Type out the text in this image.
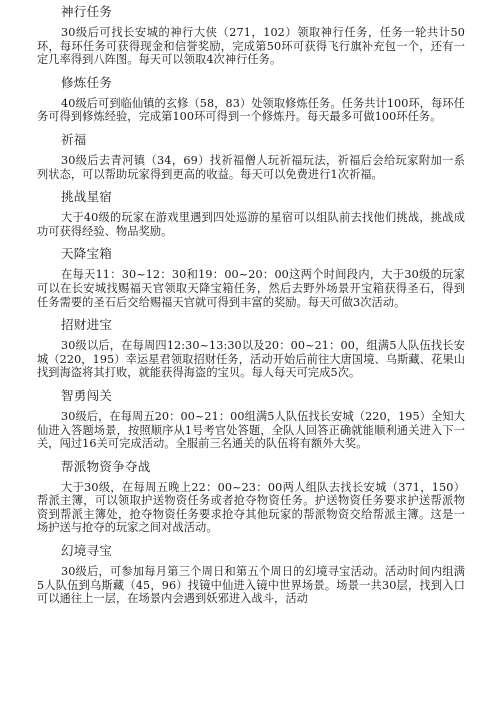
神行任务

30级后可找长安城的神行大侠（271，102）领取神行任务，任务一轮共计50环，每环任务可获得现金和信誉奖励，完成第50环可获得飞行旗补充包一个，还有一定几率得到八阵图。每天可以领取4次神行任务。

修炼任务

40级后可到临仙镇的玄修（58，83）处领取修炼任务。任务共计100环，每环任务可得到修炼经验，完成第100环可得到一个修炼丹。每天最多可做100环任务。

祈福

30级后去青河镇（34，69）找祈福僧人玩祈福玩法，祈福后会给玩家附加一系列状态，可以帮助玩家得到更高的收益。每天可以免费进行1次祈福。

挑战星宿

大于40级的玩家在游戏里遇到四处巡游的星宿可以组队前去找他们挑战，挑战成功可获得经验、物品奖励。

天降宝箱

在每天11：30~12：30和19：00~20：00这两个时间段内，大于30级的玩家可以在长安城找赐福天官领取天降宝箱任务，然后去野外场景开宝箱获得圣石，得到任务需要的圣石后交给赐福天官就可得到丰富的奖励。每天可做3次活动。

招财进宝

30级以后，在每周四12:30~13:30以及20：00~21：00，组满5人队伍找长安城（220，195）幸运星君领取招财任务，活动开始后前往大唐国境、乌斯藏、花果山找到海盗将其打败，就能获得海盗的宝贝。每人每天可完成5次。

智勇闯关

30级后，在每周五20：00~21：00组满5人队伍找长安城（220，195）全知大仙进入答题场景，按照顺序从1号考官处答题，全队人回答正确就能顺利通关进入下一关，闯过16关可完成活动。全服前三名通关的队伍将有额外大奖。

帮派物资争夺战

大于30级，在每周五晚上22：00~23：00两人组队去找长安城（371，150）帮派主簿，可以领取护送物资任务或者抢夺物资任务。护送物资任务要求护送帮派物资到帮派主簿处，抢夺物资任务要求抢夺其他玩家的帮派物资交给帮派主簿。这是一场护送与抢夺的玩家之间对战活动。

幻境寻宝

30级后，可参加每月第三个周日和第五个周日的幻境寻宝活动。活动时间内组满5人队伍到乌斯藏（45，96）找镜中仙进入镜中世界场景。场景一共30层，找到入口可以通往上一层，在场景内会遇到妖邪进入战斗，活动
